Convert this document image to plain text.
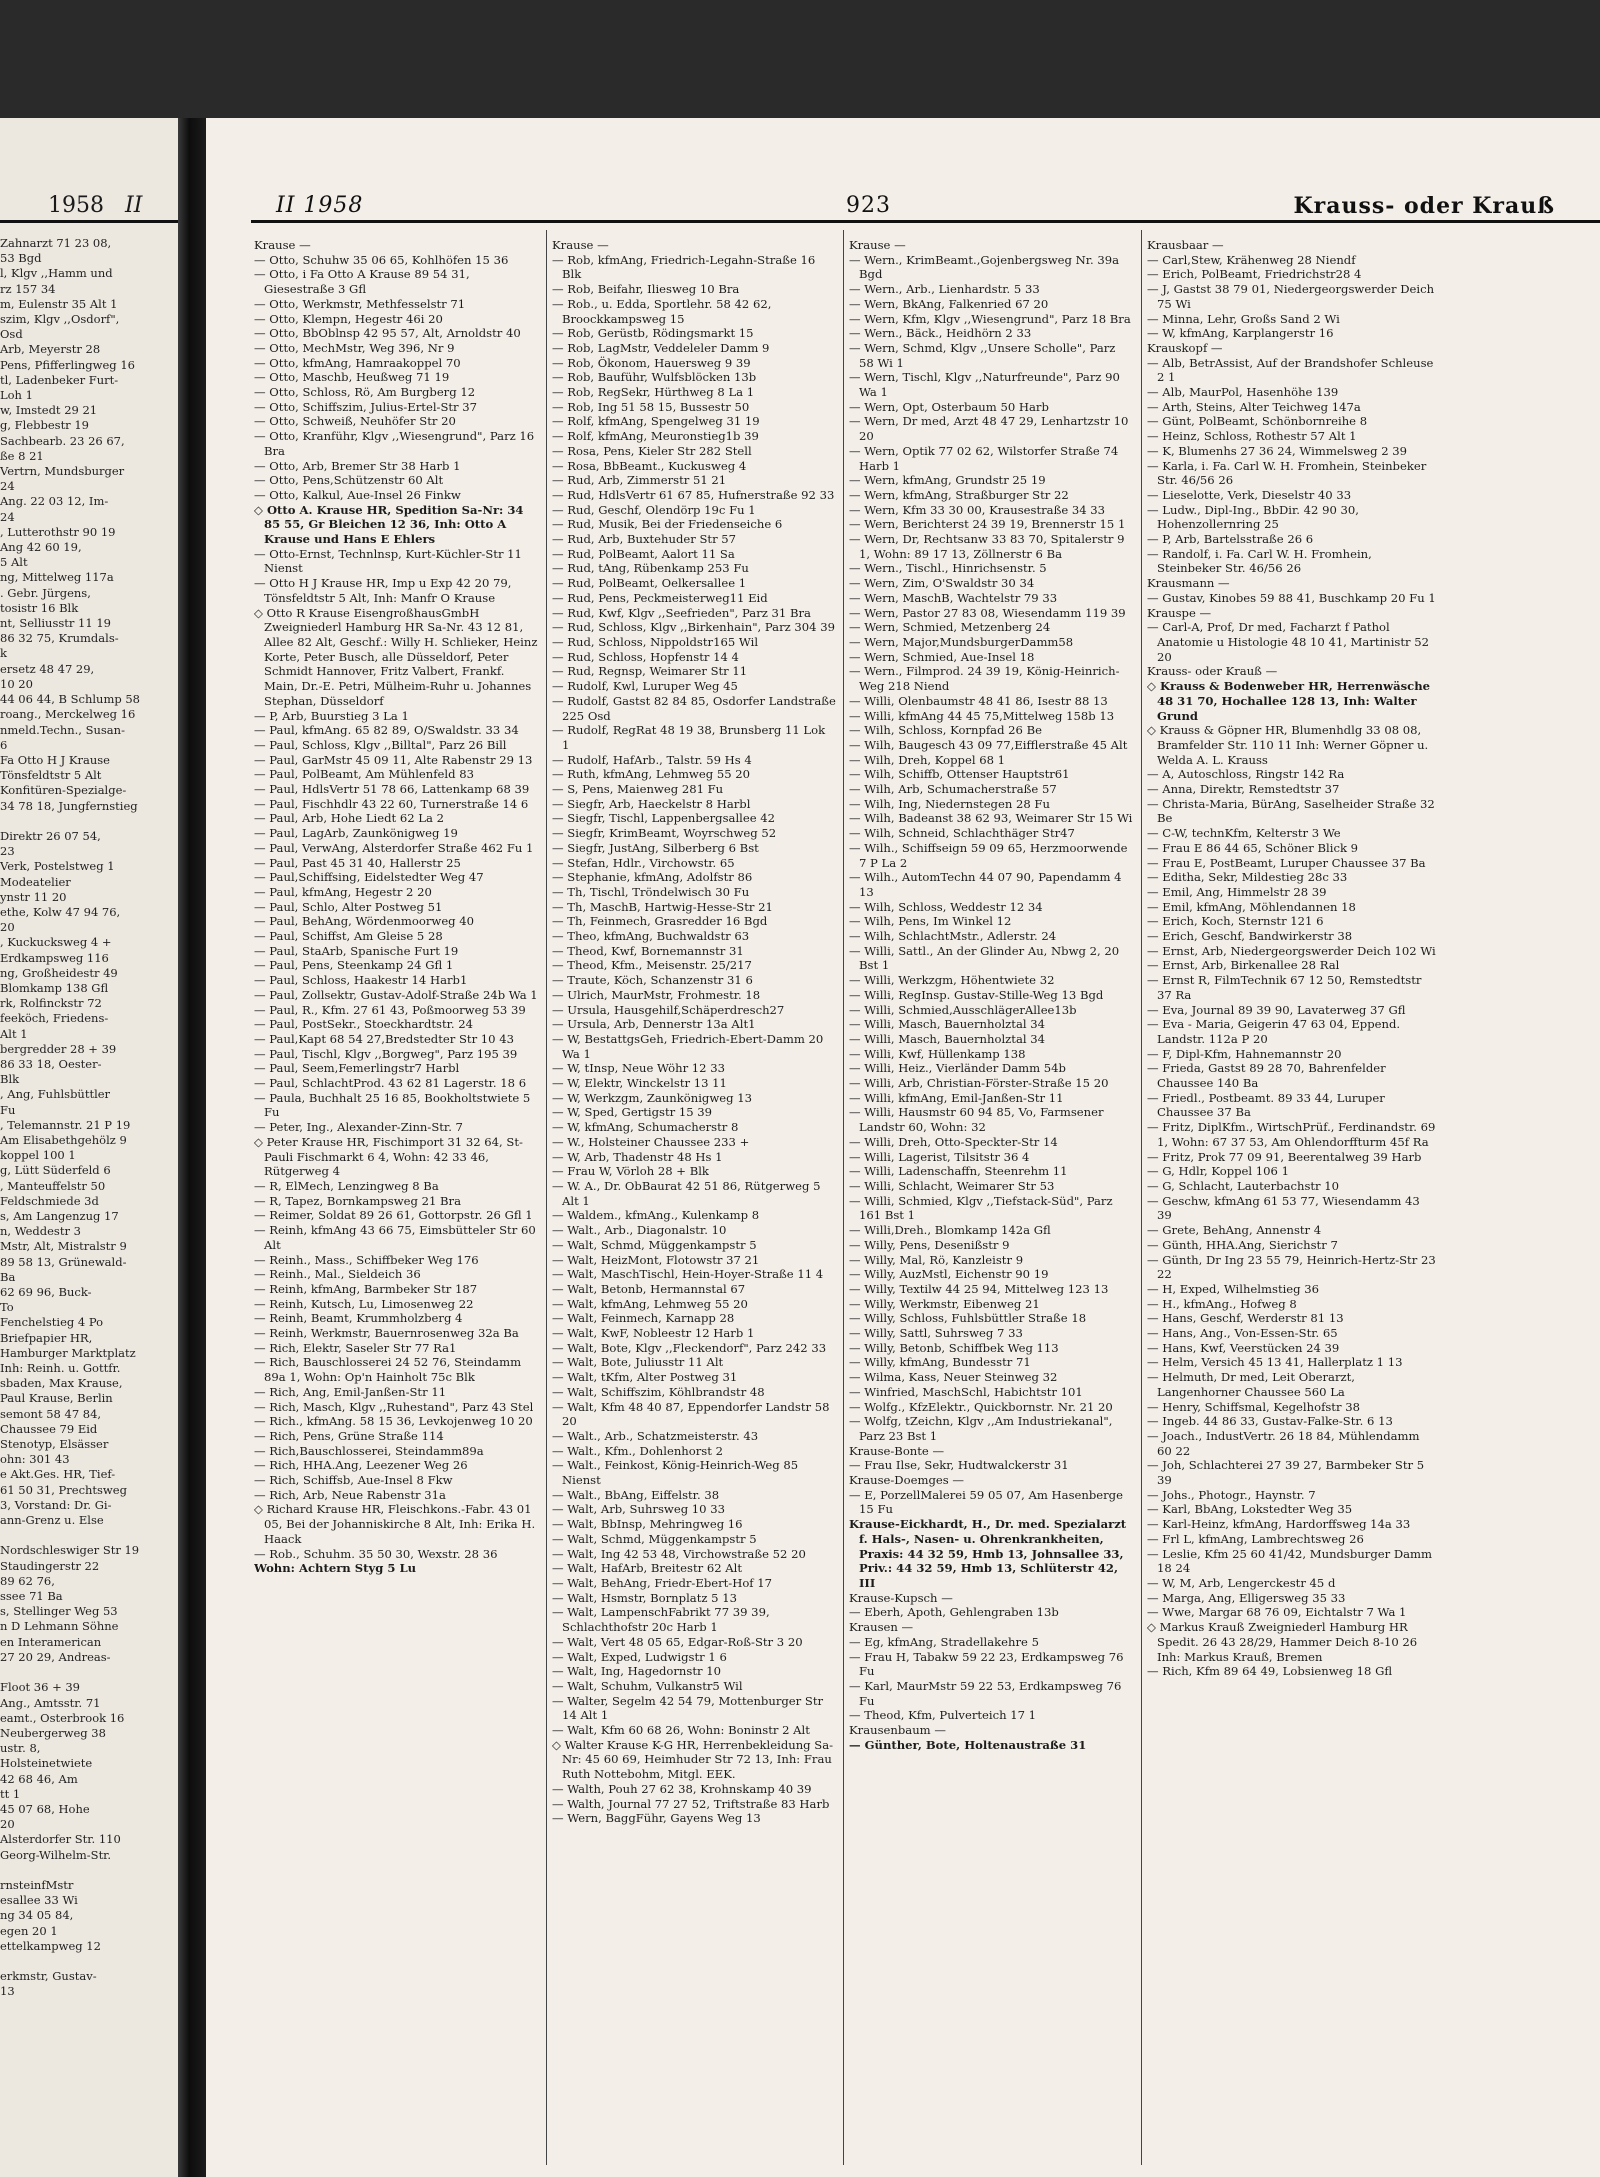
1958 II
Zahnarzt 71 23 08,
53 Bgd
l, Klgv ,,Hamm und
rz 157 34
m, Eulenstr 35 Alt 1
szim, Klgv ,,Osdorf",
Osd
Arb, Meyerstr 28
Pens, Pfifferlingweg 16
tl, Ladenbeker Furt-
Loh 1
w, Imstedt 29 21
g, Flebbestr 19
Sachbearb. 23 26 67,
ße 8 21
Vertrn, Mundsburger
24
Ang. 22 03 12, Im-
24
, Lutterothstr 90 19
Ang 42 60 19,
5 Alt
ng, Mittelweg 117a
. Gebr. Jürgens,
tosistr 16 Blk
nt, Selliusstr 11 19
86 32 75, Krumdals-
k
ersetz 48 47 29,
10 20
44 06 44, B Schlump 58
roang., Merckelweg 16
nmeld.Techn., Susan-
6
Fa Otto H J Krause
Tönsfeldtstr 5 Alt
Konfitüren-Spezialge-
34 78 18, Jungfernstieg

Direktr 26 07 54,
23
Verk, Postelstweg 1
Modeatelier
ynstr 11 20
ethe, Kolw 47 94 76,
20
, Kuckucksweg 4 +
Erdkampsweg 116
ng, Großheidestr 49
Blomkamp 138 Gfl
rk, Rolfinckstr 72
feeköch, Friedens-
Alt 1
bergredder 28 + 39
86 33 18, Oester-
Blk
, Ang, Fuhlsbüttler
Fu
, Telemannstr. 21 P 19
Am Elisabethgehölz 9
koppel 100 1
g, Lütt Süderfeld 6
, Manteuffelstr 50
Feldschmiede 3d
s, Am Langenzug 17
n, Weddestr 3
Mstr, Alt, Mistralstr 9
89 58 13, Grünewald-
Ba
62 69 96, Buck-
To
Fenchelstieg 4 Po
Briefpapier HR,
Hamburger Marktplatz
Inh: Reinh. u. Gottfr.
sbaden, Max Krause,
Paul Krause, Berlin
semont 58 47 84,
Chaussee 79 Eid
Stenotyp, Elsässer
ohn: 301 43
e Akt.Ges. HR, Tief-
61 50 31, Prechtsweg
3, Vorstand: Dr. Gi-
ann-Grenz u. Else

Nordschleswiger Str 19
Staudingerstr 22
89 62 76,
ssee 71 Ba
s, Stellinger Weg 53
n D Lehmann Söhne
en Interamerican
27 20 29, Andreas-

Floot 36 + 39
Ang., Amtsstr. 71
eamt., Osterbrook 16
Neubergerweg 38
ustr. 8,
Holsteinetwiete
42 68 46, Am
tt 1
45 07 68, Hohe
20
Alsterdorfer Str. 110
Georg-Wilhelm-Str.

rnsteinfMstr
esallee 33 Wi
ng 34 05 84,
egen 20 1
ettelkampweg 12

erkmstr, Gustav-
13
II 1958	923	Krauss- oder Krauß
Krause —
— Otto, Schuhw 35 06 65, Kohlhöfen 15 36
— Otto, i Fa Otto A Krause 89 54 31, Giesestraße 3 Gfl
— Otto, Werkmstr, Methfesselstr 71
— Otto, Klempn, Hegestr 46i 20
— Otto, BbOblnsp 42 95 57, Alt, Arnoldstr 40
— Otto, MechMstr, Weg 396, Nr 9
— Otto, kfmAng, Hamraakoppel 70
— Otto, Maschb, Heußweg 71 19
— Otto, Schloss, Rö, Am Burgberg 12
— Otto, Schiffszim, Julius-Ertel-Str 37
— Otto, Schweiß, Neuhöfer Str 20
— Otto, Kranführ, Klgv ,,Wiesengrund", Parz 16 Bra
— Otto, Arb, Bremer Str 38 Harb 1
— Otto, Pens,Schützenstr 60 Alt
— Otto, Kalkul, Aue-Insel 26 Finkw
◇ Otto A. Krause HR, Spedition Sa-Nr: 34 85 55, Gr Bleichen 12 36, Inh: Otto A Krause und Hans E Ehlers
— Otto-Ernst, Technlnsp, Kurt-Küchler-Str 11 Nienst
— Otto H J Krause HR, Imp u Exp 42 20 79, Tönsfeldtstr 5 Alt, Inh: Manfr O Krause
◇ Otto R Krause EisengroßhausGmbH Zweigniederl Hamburg HR Sa-Nr. 43 12 81, Allee 82 Alt, Geschf.: Willy H. Schlieker, Heinz Korte, Peter Busch, alle Düsseldorf, Peter Schmidt Hannover, Fritz Valbert, Frankf. Main, Dr.-E. Petri, Mülheim-Ruhr u. Johannes Stephan, Düsseldorf
— P, Arb, Buurstieg 3 La 1
— Paul, kfmAng. 65 82 89, O/Swaldstr. 33 34
— Paul, Schloss, Klgv ,,Billtal", Parz 26 Bill
— Paul, GarMstr 45 09 11, Alte Rabenstr 29 13
— Paul, PolBeamt, Am Mühlenfeld 83
— Paul, HdlsVertr 51 78 66, Lattenkamp 68 39
— Paul, Fischhdlr 43 22 60, Turnerstraße 14 6
— Paul, Arb, Hohe Liedt 62 La 2
— Paul, LagArb, Zaunkönigweg 19
— Paul, VerwAng, Alsterdorfer Straße 462 Fu 1
— Paul, Past 45 31 40, Hallerstr 25
— Paul,Schiffsing, Eidelstedter Weg 47
— Paul, kfmAng, Hegestr 2 20
— Paul, Schlo, Alter Postweg 51
— Paul, BehAng, Wördenmoorweg 40
— Paul, Schiffst, Am Gleise 5 28
— Paul, StaArb, Spanische Furt 19
— Paul, Pens, Steenkamp 24 Gfl 1
— Paul, Schloss, Haakestr 14 Harb1
— Paul, Zollsektr, Gustav-Adolf-Straße 24b Wa 1
— Paul, R., Kfm. 27 61 43, Poßmoorweg 53 39
— Paul, PostSekr., Stoeckhardtstr. 24
— Paul,Kapt 68 54 27,Bredstedter Str 10 43
— Paul, Tischl, Klgv ,,Borgweg", Parz 195 39
— Paul, Seem,Femerlingstr7 Harbl
— Paul, SchlachtProd. 43 62 81 Lagerstr. 18 6
— Paula, Buchhalt 25 16 85, Bookholtstwiete 5 Fu
— Peter, Ing., Alexander-Zinn-Str. 7
◇ Peter Krause HR, Fischimport 31 32 64, St-Pauli Fischmarkt 6 4, Wohn: 42 33 46, Rütgerweg 4
— R, ElMech, Lenzingweg 8 Ba
— R, Tapez, Bornkampsweg 21 Bra
— Reimer, Soldat 89 26 61, Gottorpstr. 26 Gfl 1
— Reinh, kfmAng 43 66 75, Eimsbütteler Str 60 Alt
— Reinh., Mass., Schiffbeker Weg 176
— Reinh., Mal., Sieldeich 36
— Reinh, kfmAng, Barmbeker Str 187
— Reinh, Kutsch, Lu, Limosenweg 22
— Reinh, Beamt, Krummholzberg 4
— Reinh, Werkmstr, Bauernrosenweg 32a Ba
— Rich, Elektr, Saseler Str 77 Ra1
— Rich, Bauschlosserei 24 52 76, Steindamm 89a 1, Wohn: Op'n Hainholt 75c Blk
— Rich, Ang, Emil-Janßen-Str 11
— Rich, Masch, Klgv ,,Ruhestand", Parz 43 Stel
— Rich., kfmAng. 58 15 36, Levkojenweg 10 20
— Rich, Pens, Grüne Straße 114
— Rich,Bauschlosserei, Steindamm89a
— Rich, HHA.Ang, Leezener Weg 26
— Rich, Schiffsb, Aue-Insel 8 Fkw
— Rich, Arb, Neue Rabenstr 31a
◇ Richard Krause HR, Fleischkons.-Fabr. 43 01 05, Bei der Johanniskirche 8 Alt, Inh: Erika H. Haack
— Rob., Schuhm. 35 50 30, Wexstr. 28 36
Wohn: Achtern Styg 5 Lu
Krause —
— Rob, kfmAng, Friedrich-Legahn-Straße 16 Blk
— Rob, Beifahr, Iliesweg 10 Bra
— Rob., u. Edda, Sportlehr. 58 42 62, Broockkampsweg 15
— Rob, Gerüstb, Rödingsmarkt 15
— Rob, LagMstr, Veddeleler Damm 9
— Rob, Ökonom, Hauersweg 9 39
— Rob, Bauführ, Wulfsblöcken 13b
— Rob, RegSekr, Hürthweg 8 La 1
— Rob, Ing 51 58 15, Bussestr 50
— Rolf, kfmAng, Spengelweg 31 19
— Rolf, kfmAng, Meuronstieg1b 39
— Rosa, Pens, Kieler Str 282 Stell
— Rosa, BbBeamt., Kuckusweg 4
— Rud, Arb, Zimmerstr 51 21
— Rud, HdlsVertr 61 67 85, Hufnerstraße 92 33
— Rud, Geschf, Olendörp 19c Fu 1
— Rud, Musik, Bei der Friedenseiche 6
— Rud, Arb, Buxtehuder Str 57
— Rud, PolBeamt, Aalort 11 Sa
— Rud, tAng, Rübenkamp 253 Fu
— Rud, PolBeamt, Oelkersallee 1
— Rud, Pens, Peckmeisterweg11 Eid
— Rud, Kwf, Klgv ,,Seefrieden", Parz 31 Bra
— Rud, Schloss, Klgv ,,Birkenhain", Parz 304 39
— Rud, Schloss, Nippoldstr165 Wil
— Rud, Schloss, Hopfenstr 14 4
— Rud, Regnsp, Weimarer Str 11
— Rudolf, Kwl, Luruper Weg 45
— Rudolf, Gastst 82 84 85, Osdorfer Landstraße 225 Osd
— Rudolf, RegRat 48 19 38, Brunsberg 11 Lok 1
— Rudolf, HafArb., Talstr. 59 Hs 4
— Ruth, kfmAng, Lehmweg 55 20
— S, Pens, Maienweg 281 Fu
— Siegfr, Arb, Haeckelstr 8 Harbl
— Siegfr, Tischl, Lappenbergsallee 42
— Siegfr, KrimBeamt, Woyrschweg 52
— Siegfr, JustAng, Silberberg 6 Bst
— Stefan, Hdlr., Virchowstr. 65
— Stephanie, kfmAng, Adolfstr 86
— Th, Tischl, Tröndelwisch 30 Fu
— Th, MaschB, Hartwig-Hesse-Str 21
— Th, Feinmech, Grasredder 16 Bgd
— Theo, kfmAng, Buchwaldstr 63
— Theod, Kwf, Bornemannstr 31
— Theod, Kfm., Meisenstr. 25/217
— Traute, Köch, Schanzenstr 31 6
— Ulrich, MaurMstr, Frohmestr. 18
— Ursula, Hausgehilf,Schäperdresch27
— Ursula, Arb, Dennerstr 13a Alt1
— W, BestattgsGeh, Friedrich-Ebert-Damm 20 Wa 1
— W, tInsp, Neue Wöhr 12 33
— W, Elektr, Winckelstr 13 11
— W, Werkzgm, Zaunkönigweg 13
— W, Sped, Gertigstr 15 39
— W, kfmAng, Schumacherstr 8
— W., Holsteiner Chaussee 233 +
— W, Arb, Thadenstr 48 Hs 1
— Frau W, Vörloh 28 + Blk
— W. A., Dr. ObBaurat 42 51 86, Rütgerweg 5 Alt 1
— Waldem., kfmAng., Kulenkamp 8
— Walt., Arb., Diagonalstr. 10
— Walt, Schmd, Müggenkampstr 5
— Walt, HeizMont, Flotowstr 37 21
— Walt, MaschTischl, Hein-Hoyer-Straße 11 4
— Walt, Betonb, Hermannstal 67
— Walt, kfmAng, Lehmweg 55 20
— Walt, Feinmech, Karnapp 28
— Walt, KwF, Nobleestr 12 Harb 1
— Walt, Bote, Klgv ,,Fleckendorf", Parz 242 33
— Walt, Bote, Juliusstr 11 Alt
— Walt, tKfm, Alter Postweg 31
— Walt, Schiffszim, Köhlbrandstr 48
— Walt, Kfm 48 40 87, Eppendorfer Landstr 58 20
— Walt., Arb., Schatzmeisterstr. 43
— Walt., Kfm., Dohlenhorst 2
— Walt., Feinkost, König-Heinrich-Weg 85 Nienst
— Walt., BbAng, Eiffelstr. 38
— Walt, Arb, Suhrsweg 10 33
— Walt, BbInsp, Mehringweg 16
— Walt, Schmd, Müggenkampstr 5
— Walt, Ing 42 53 48, Virchowstraße 52 20
— Walt, HafArb, Breitestr 62 Alt
— Walt, BehAng, Friedr-Ebert-Hof 17
— Walt, Hsmstr, Bornplatz 5 13
— Walt, LampenschFabrikt 77 39 39, Schlachthofstr 20c Harb 1
— Walt, Vert 48 05 65, Edgar-Roß-Str 3 20
— Walt, Exped, Ludwigstr 1 6
— Walt, Ing, Hagedornstr 10
— Walt, Schuhm, Vulkanstr5 Wil
— Walter, Segelm 42 54 79, Mottenburger Str 14 Alt 1
— Walt, Kfm 60 68 26, Wohn: Boninstr 2 Alt
◇ Walter Krause K-G HR, Herrenbekleidung Sa-Nr: 45 60 69, Heimhuder Str 72 13, Inh: Frau Ruth Nottebohm, Mitgl. EEK.
— Walth, Pouh 27 62 38, Krohnskamp 40 39
— Walth, Journal 77 27 52, Triftstraße 83 Harb
— Wern, BaggFühr, Gayens Weg 13
Krause —
— Wern., KrimBeamt.,Gojenbergsweg Nr. 39a Bgd
— Wern., Arb., Lienhardstr. 5 33
— Wern, BkAng, Falkenried 67 20
— Wern, Kfm, Klgv ,,Wiesengrund", Parz 18 Bra
— Wern., Bäck., Heidhörn 2 33
— Wern, Schmd, Klgv ,,Unsere Scholle", Parz 58 Wi 1
— Wern, Tischl, Klgv ,,Naturfreunde", Parz 90 Wa 1
— Wern, Opt, Osterbaum 50 Harb
— Wern, Dr med, Arzt 48 47 29, Lenhartzstr 10 20
— Wern, Optik 77 02 62, Wilstorfer Straße 74 Harb 1
— Wern, kfmAng, Grundstr 25 19
— Wern, kfmAng, Straßburger Str 22
— Wern, Kfm 33 30 00, Krausestraße 34 33
— Wern, Berichterst 24 39 19, Brennerstr 15 1
— Wern, Dr, Rechtsanw 33 83 70, Spitalerstr 9 1, Wohn: 89 17 13, Zöllnerstr 6 Ba
— Wern., Tischl., Hinrichsenstr. 5
— Wern, Zim, O'Swaldstr 30 34
— Wern, MaschB, Wachtelstr 79 33
— Wern, Pastor 27 83 08, Wiesendamm 119 39
— Wern, Schmied, Metzenberg 24
— Wern, Major,MundsburgerDamm58
— Wern, Schmied, Aue-Insel 18
— Wern., Filmprod. 24 39 19, König-Heinrich-Weg 218 Niend
— Willi, Olenbaumstr 48 41 86, Isestr 88 13
— Willi, kfmAng 44 45 75,Mittelweg 158b 13
— Wilh, Schloss, Kornpfad 26 Be
— Wilh, Baugesch 43 09 77,Eifflerstraße 45 Alt
— Wilh, Dreh, Koppel 68 1
— Wilh, Schiffb, Ottenser Hauptstr61
— Wilh, Arb, Schumacherstraße 57
— Wilh, Ing, Niedernstegen 28 Fu
— Wilh, Badeanst 38 62 93, Weimarer Str 15 Wi
— Wilh, Schneid, Schlachthäger Str47
— Wilh., Schiffseign 59 09 65, Herzmoorwende 7 P La 2
— Wilh., AutomTechn 44 07 90, Papendamm 4 13
— Wilh, Schloss, Weddestr 12 34
— Wilh, Pens, Im Winkel 12
— Wilh, SchlachtMstr., Adlerstr. 24
— Willi, Sattl., An der Glinder Au, Nbwg 2, 20 Bst 1
— Willi, Werkzgm, Höhentwiete 32
— Willi, RegInsp. Gustav-Stille-Weg 13 Bgd
— Willi, Schmied,AusschlägerAllee13b
— Willi, Masch, Bauernholztal 34
— Willi, Masch, Bauernholztal 34
— Willi, Kwf, Hüllenkamp 138
— Willi, Heiz., Vierländer Damm 54b
— Willi, Arb, Christian-Förster-Straße 15 20
— Willi, kfmAng, Emil-Janßen-Str 11
— Willi, Hausmstr 60 94 85, Vo, Farmsener Landstr 60, Wohn: 32
— Willi, Dreh, Otto-Speckter-Str 14
— Willi, Lagerist, Tilsitstr 36 4
— Willi, Ladenschaffn, Steenrehm 11
— Willi, Schlacht, Weimarer Str 53
— Willi, Schmied, Klgv ,,Tiefstack-Süd", Parz 161 Bst 1
— Willi,Dreh., Blomkamp 142a Gfl
— Willy, Pens, Desenißstr 9
— Willy, Mal, Rö, Kanzleistr 9
— Willy, AuzMstl, Eichenstr 90 19
— Willy, Textilw 44 25 94, Mittelweg 123 13
— Willy, Werkmstr, Eibenweg 21
— Willy, Schloss, Fuhlsbüttler Straße 18
— Willy, Sattl, Suhrsweg 7 33
— Willy, Betonb, Schiffbek Weg 113
— Willy, kfmAng, Bundesstr 71
— Wilma, Kass, Neuer Steinweg 32
— Winfried, MaschSchl, Habichtstr 101
— Wolfg., KfzElektr., Quickbornstr. Nr. 21 20
— Wolfg, tZeichn, Klgv ,,Am Industriekanal", Parz 23 Bst 1
Krause-Bonte —
— Frau Ilse, Sekr, Hudtwalckerstr 31
Krause-Doemges —
— E, PorzellMalerei 59 05 07, Am Hasenberge 15 Fu
Krause-Eickhardt, H., Dr. med. Spezialarzt f. Hals-, Nasen- u. Ohrenkrankheiten, Praxis: 44 32 59, Hmb 13, Johnsallee 33, Priv.: 44 32 59, Hmb 13, Schlüterstr 42, III
Krause-Kupsch —
— Eberh, Apoth, Gehlengraben 13b
Krausen —
— Eg, kfmAng, Stradellakehre 5
— Frau H, Tabakw 59 22 23, Erdkampsweg 76 Fu
— Karl, MaurMstr 59 22 53, Erdkampsweg 76 Fu
— Theod, Kfm, Pulverteich 17 1
Krausenbaum —
— Günther, Bote, Holtenaustraße 31
Krausbaar —
— Carl,Stew, Krähenweg 28 Niendf
— Erich, PolBeamt, Friedrichstr28 4
— J, Gastst 38 79 01, Niedergeorgswerder Deich 75 Wi
— Minna, Lehr, Großs Sand 2 Wi
— W, kfmAng, Karplangerstr 16
Krauskopf —
— Alb, BetrAssist, Auf der Brandshofer Schleuse 2 1
— Alb, MaurPol, Hasenhöhe 139
— Arth, Steins, Alter Teichweg 147a
— Günt, PolBeamt, Schönbornreihe 8
— Heinz, Schloss, Rothestr 57 Alt 1
— K, Blumenhs 27 36 24, Wimmelsweg 2 39
— Karla, i. Fa. Carl W. H. Fromhein, Steinbeker Str. 46/56 26
— Lieselotte, Verk, Dieselstr 40 33
— Ludw., Dipl-Ing., BbDir. 42 90 30, Hohenzollernring 25
— P, Arb, Bartelsstraße 26 6
— Randolf, i. Fa. Carl W. H. Fromhein, Steinbeker Str. 46/56 26
Krausmann —
— Gustav, Kinobes 59 88 41, Buschkamp 20 Fu 1
Krauspe —
— Carl-A, Prof, Dr med, Facharzt f Pathol Anatomie u Histologie 48 10 41, Martinistr 52 20
Krauss- oder Krauß —
◇ Krauss & Bodenweber HR, Herrenwäsche 48 31 70, Hochallee 128 13, Inh: Walter Grund
◇ Krauss & Göpner HR, Blumenhdlg 33 08 08, Bramfelder Str. 110 11 Inh: Werner Göpner u. Welda A. L. Krauss
— A, Autoschloss, Ringstr 142 Ra
— Anna, Direktr, Remstedtstr 37
— Christa-Maria, BürAng, Saselheider Straße 32 Be
— C-W, technKfm, Kelterstr 3 We
— Frau E 86 44 65, Schöner Blick 9
— Frau E, PostBeamt, Luruper Chaussee 37 Ba
— Editha, Sekr, Mildestieg 28c 33
— Emil, Ang, Himmelstr 28 39
— Emil, kfmAng, Möhlendannen 18
— Erich, Koch, Sternstr 121 6
— Erich, Geschf, Bandwirkerstr 38
— Ernst, Arb, Niedergeorgswerder Deich 102 Wi
— Ernst, Arb, Birkenallee 28 Ral
— Ernst R, FilmTechnik 67 12 50, Remstedtstr 37 Ra
— Eva, Journal 89 39 90, Lavaterweg 37 Gfl
— Eva - Maria, Geigerin 47 63 04, Eppend. Landstr. 112a P 20
— F, Dipl-Kfm, Hahnemannstr 20
— Frieda, Gastst 89 28 70, Bahrenfelder Chaussee 140 Ba
— Friedl., Postbeamt. 89 33 44, Luruper Chaussee 37 Ba
— Fritz, DiplKfm., WirtschPrüf., Ferdinandstr. 69 1, Wohn: 67 37 53, Am Ohlendorffturm 45f Ra
— Fritz, Prok 77 09 91, Beerentalweg 39 Harb
— G, Hdlr, Koppel 106 1
— G, Schlacht, Lauterbachstr 10
— Geschw, kfmAng 61 53 77, Wiesendamm 43 39
— Grete, BehAng, Annenstr 4
— Günth, HHA.Ang, Sierichstr 7
— Günth, Dr Ing 23 55 79, Heinrich-Hertz-Str 23 22
— H, Exped, Wilhelmstieg 36
— H., kfmAng., Hofweg 8
— Hans, Geschf, Werderstr 81 13
— Hans, Ang., Von-Essen-Str. 65
— Hans, Kwf, Veerstücken 24 39
— Helm, Versich 45 13 41, Hallerplatz 1 13
— Helmuth, Dr med, Leit Oberarzt, Langenhorner Chaussee 560 La
— Henry, Schiffsmal, Kegelhofstr 38
— Ingeb. 44 86 33, Gustav-Falke-Str. 6 13
— Joach., IndustVertr. 26 18 84, Mühlendamm 60 22
— Joh, Schlachterei 27 39 27, Barmbeker Str 5 39
— Johs., Photogr., Haynstr. 7
— Karl, BbAng, Lokstedter Weg 35
— Karl-Heinz, kfmAng, Hardorffsweg 14a 33
— Frl L, kfmAng, Lambrechtsweg 26
— Leslie, Kfm 25 60 41/42, Mundsburger Damm 18 24
— W, M, Arb, Lengerckestr 45 d
— Marga, Ang, Elligersweg 35 33
— Wwe, Margar 68 76 09, Eichtalstr 7 Wa 1
◇ Markus Krauß Zweigniederl Hamburg HR Spedit. 26 43 28/29, Hammer Deich 8-10 26 Inh: Markus Krauß, Bremen
— Rich, Kfm 89 64 49, Lobsienweg 18 Gfl
